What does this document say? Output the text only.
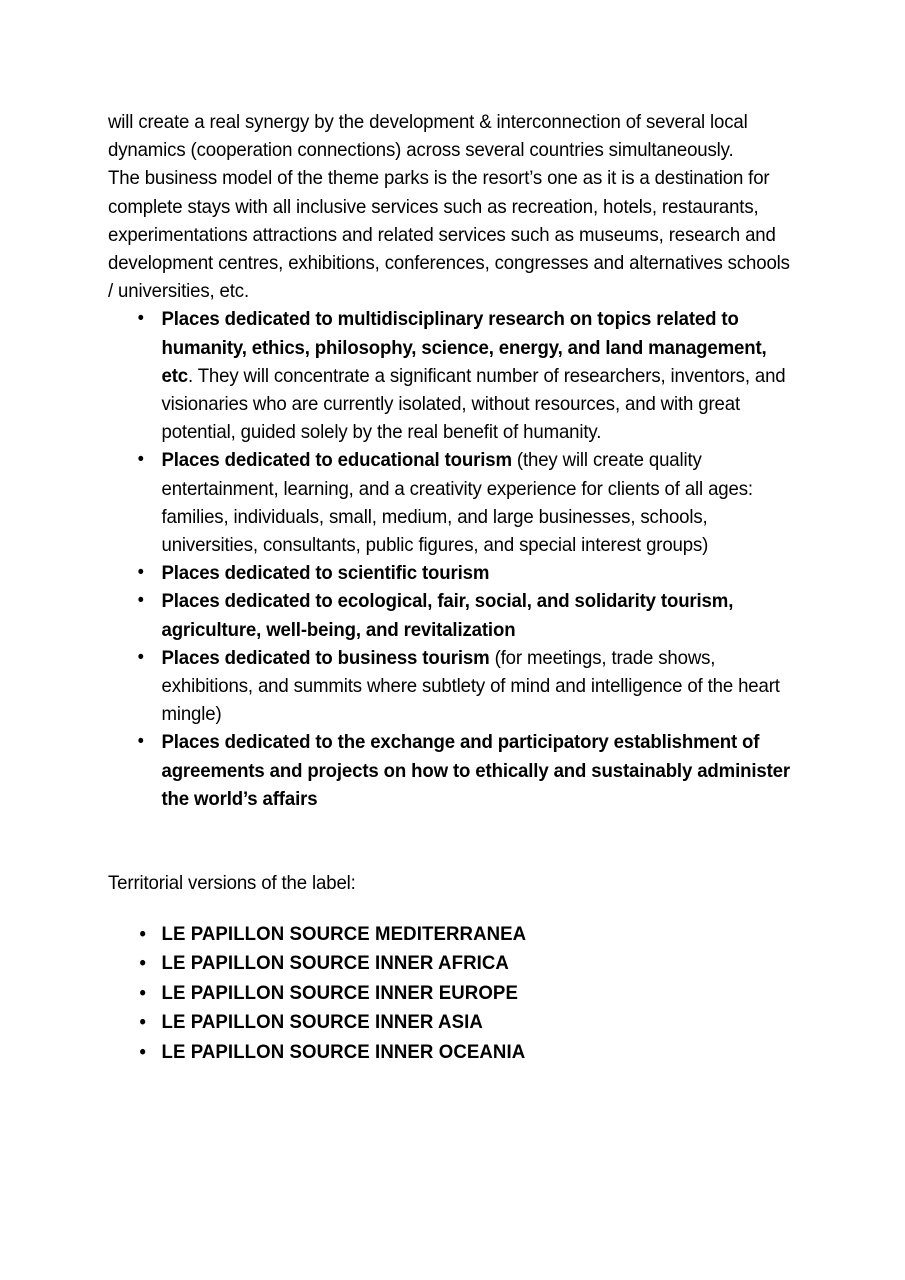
will create a real synergy by the development & interconnection of several local dynamics (cooperation connections) across several countries simultaneously.

The business model of the theme parks is the resort’s one as it is a destination for complete stays with all inclusive services such as recreation, hotels, restaurants, experimentations attractions and related services such as museums, research and development centres, exhibitions, conferences, congresses and alternatives schools / universities, etc.

• Places dedicated to multidisciplinary research on topics related to humanity, ethics, philosophy, science, energy, and land management, etc. They will concentrate a significant number of researchers, inventors, and visionaries who are currently isolated, without resources, and with great potential, guided solely by the real benefit of humanity.
• Places dedicated to educational tourism (they will create quality entertainment, learning, and a creativity experience for clients of all ages: families, individuals, small, medium, and large businesses, schools, universities, consultants, public figures, and special interest groups)
• Places dedicated to scientific tourism
• Places dedicated to ecological, fair, social, and solidarity tourism, agriculture, well-being, and revitalization
• Places dedicated to business tourism (for meetings, trade shows, exhibitions, and summits where subtlety of mind and intelligence of the heart mingle)
• Places dedicated to the exchange and participatory establishment of agreements and projects on how to ethically and sustainably administer the world’s affairs

Territorial versions of the label:

• LE PAPILLON SOURCE MEDITERRANEA
• LE PAPILLON SOURCE INNER AFRICA
• LE PAPILLON SOURCE INNER EUROPE
• LE PAPILLON SOURCE INNER ASIA
• LE PAPILLON SOURCE INNER OCEANIA
